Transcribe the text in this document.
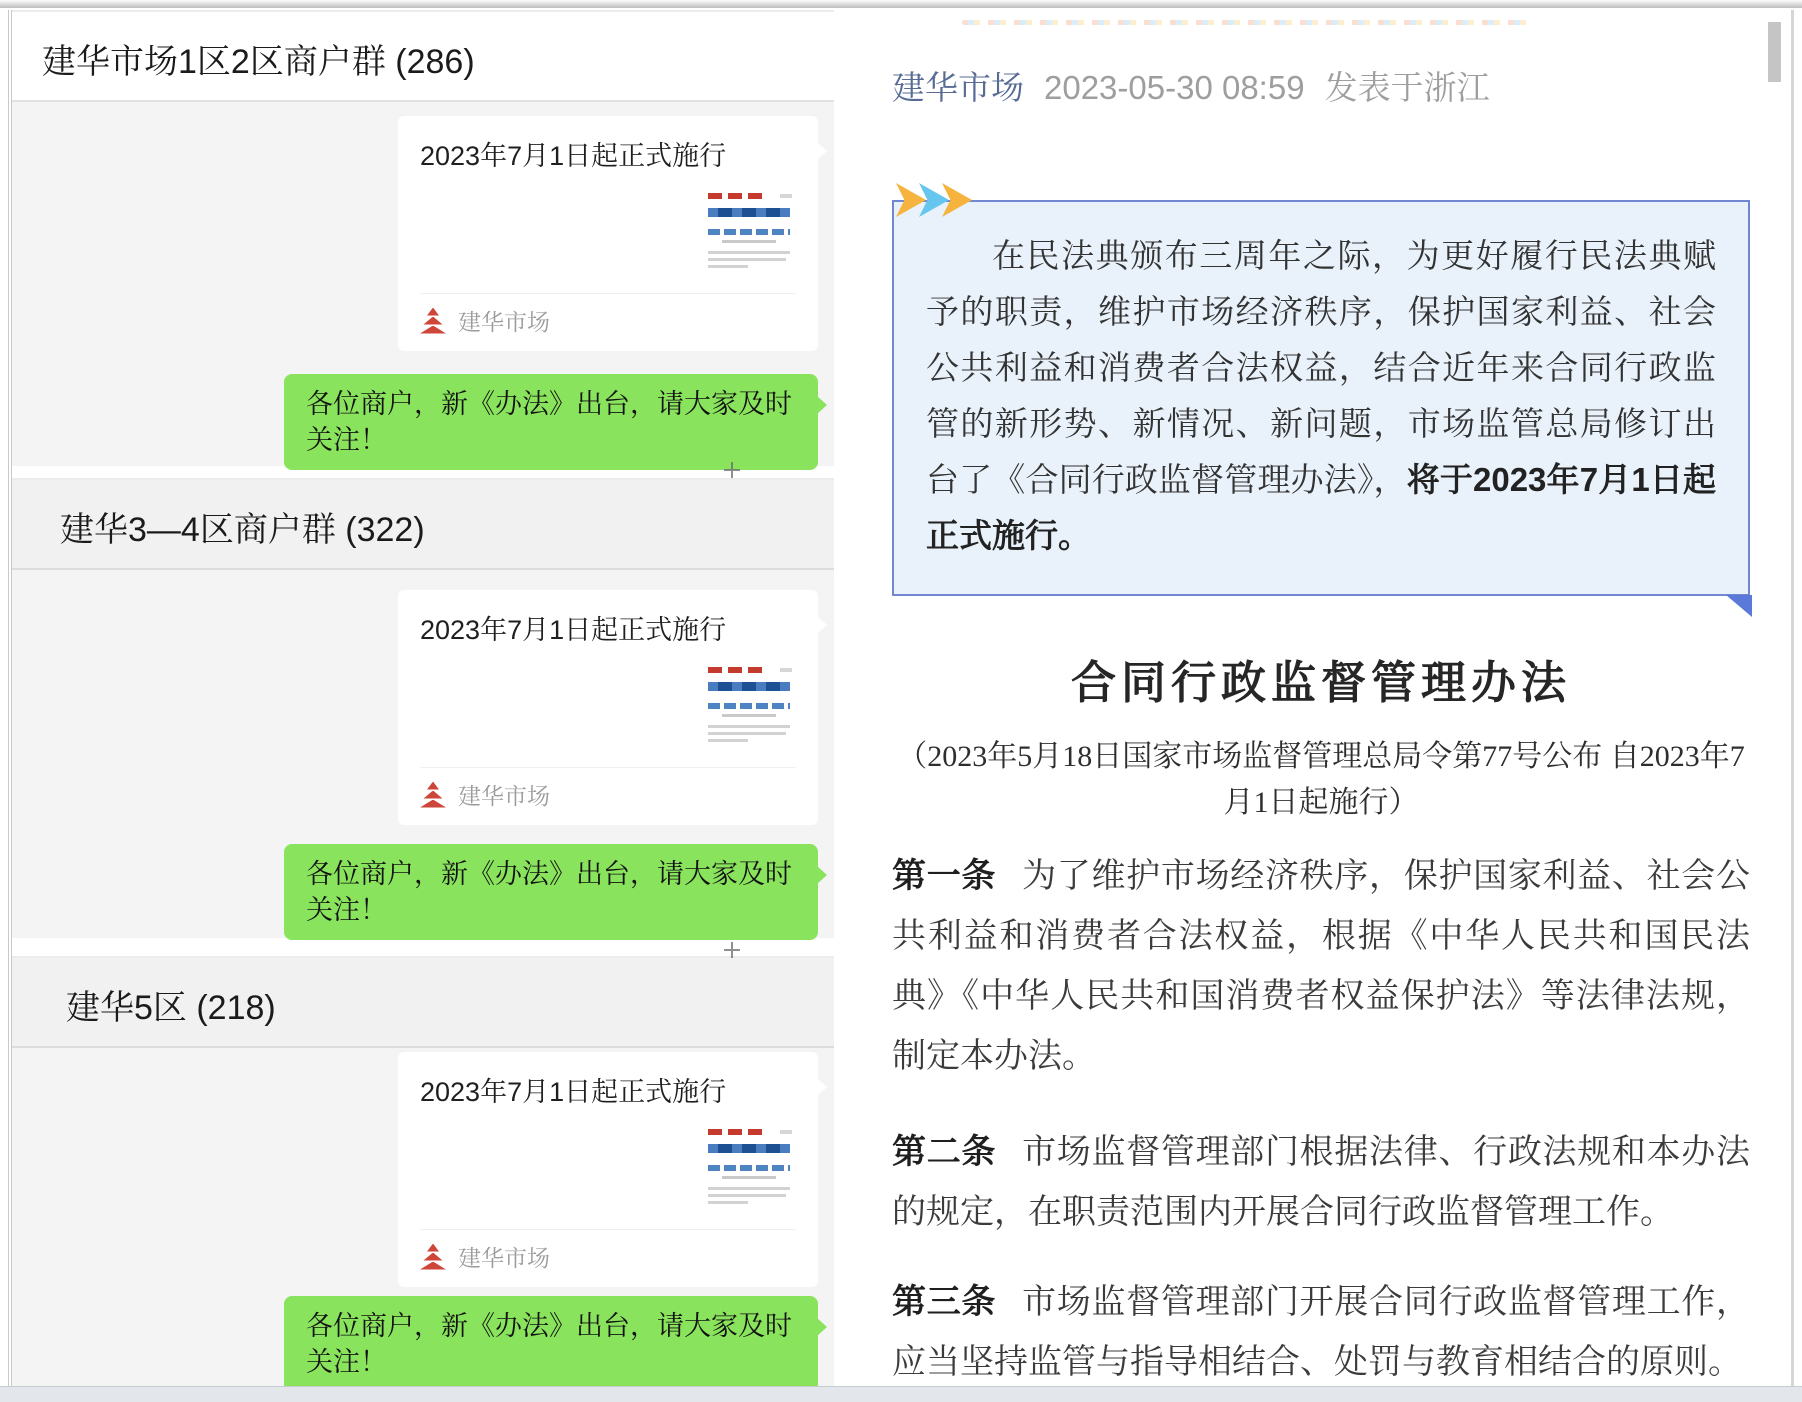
建华市场1区2区商户群 (286)
2023年7月1日起正式施行
建华市场
各位商户，新《办法》出台，请大家及时关注！
建华3—4区商户群 (322)
2023年7月1日起正式施行
建华市场
各位商户，新《办法》出台，请大家及时关注！
建华5区 (218)
2023年7月1日起正式施行
建华市场
各位商户，新《办法》出台，请大家及时关注！
建华市场 2023-05-30 08:59 发表于浙江
在民法典颁布三周年之际，为更好履行民法典赋予的职责，维护市场经济秩序，保护国家利益、社会公共利益和消费者合法权益，结合近年来合同行政监管的新形势、新情况、新问题，市场监管总局修订出台了《合同行政监督管理办法》，将于2023年7月1日起正式施行。
合同行政监督管理办法
（2023年5月18日国家市场监督管理总局令第77号公布 自2023年7
月1日起施行）
第一条 为了维护市场经济秩序，保护国家利益、社会公共利益和消费者合法权益，根据《中华人民共和国民法典》《中华人民共和国消费者权益保护法》等法律法规，制定本办法。
第二条 市场监督管理部门根据法律、行政法规和本办法的规定，在职责范围内开展合同行政监督管理工作。
第三条 市场监督管理部门开展合同行政监督管理工作，应当坚持监管与指导相结合、处罚与教育相结合的原则。
